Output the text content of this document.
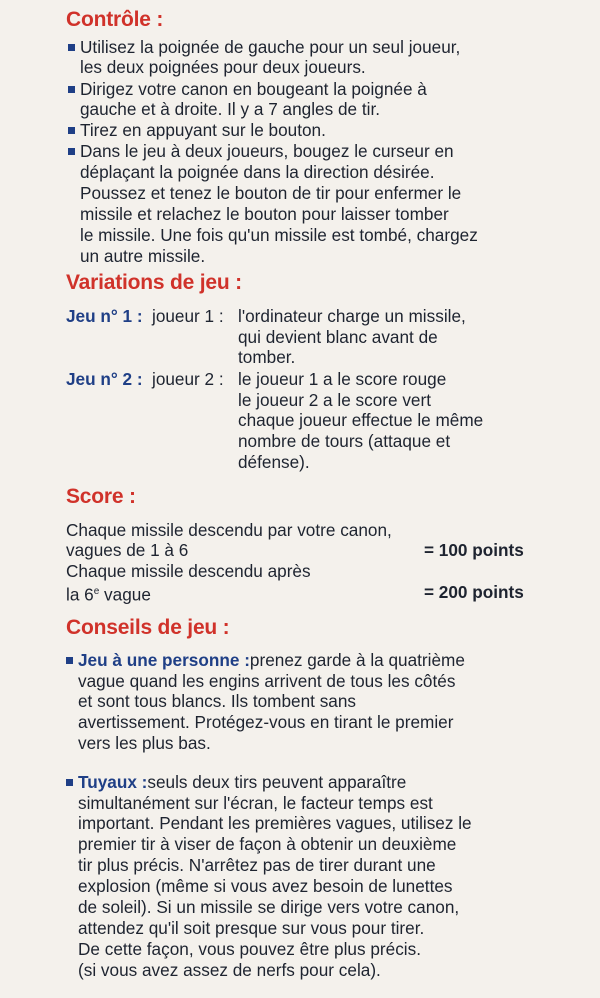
Contrôle :
Utilisez la poignée de gauche pour un seul joueur,
les deux poignées pour deux joueurs.
Dirigez votre canon en bougeant la poignée à
gauche et à droite. Il y a 7 angles de tir.
Tirez en appuyant sur le bouton.
Dans le jeu à deux joueurs, bougez le curseur en
déplaçant la poignée dans la direction désirée.
Poussez et tenez le bouton de tir pour enfermer le
missile et relachez le bouton pour laisser tomber
le missile. Une fois qu'un missile est tombé, chargez
un autre missile.
Variations de jeu :
Jeu n° 1 : joueur 1 : l'ordinateur charge un missile,
qui devient blanc avant de
tomber.
Jeu n° 2 : joueur 2 : le joueur 1 a le score rouge
le joueur 2 a le score vert
chaque joueur effectue le même
nombre de tours (attaque et
défense).
Score :
Chaque missile descendu par votre canon,
vagues de 1 à 6	= 100 points
Chaque missile descendu après
la 6e vague	= 200 points
Conseils de jeu :
Jeu à une personne :prenez garde à la quatrième
vague quand les engins arrivent de tous les côtés
et sont tous blancs. Ils tombent sans
avertissement. Protégez-vous en tirant le premier
vers les plus bas.
Tuyaux :seuls deux tirs peuvent apparaître
simultanément sur l'écran, le facteur temps est
important. Pendant les premières vagues, utilisez le
premier tir à viser de façon à obtenir un deuxième
tir plus précis. N'arrêtez pas de tirer durant une
explosion (même si vous avez besoin de lunettes
de soleil). Si un missile se dirige vers votre canon,
attendez qu'il soit presque sur vous pour tirer.
De cette façon, vous pouvez être plus précis.
(si vous avez assez de nerfs pour cela).
